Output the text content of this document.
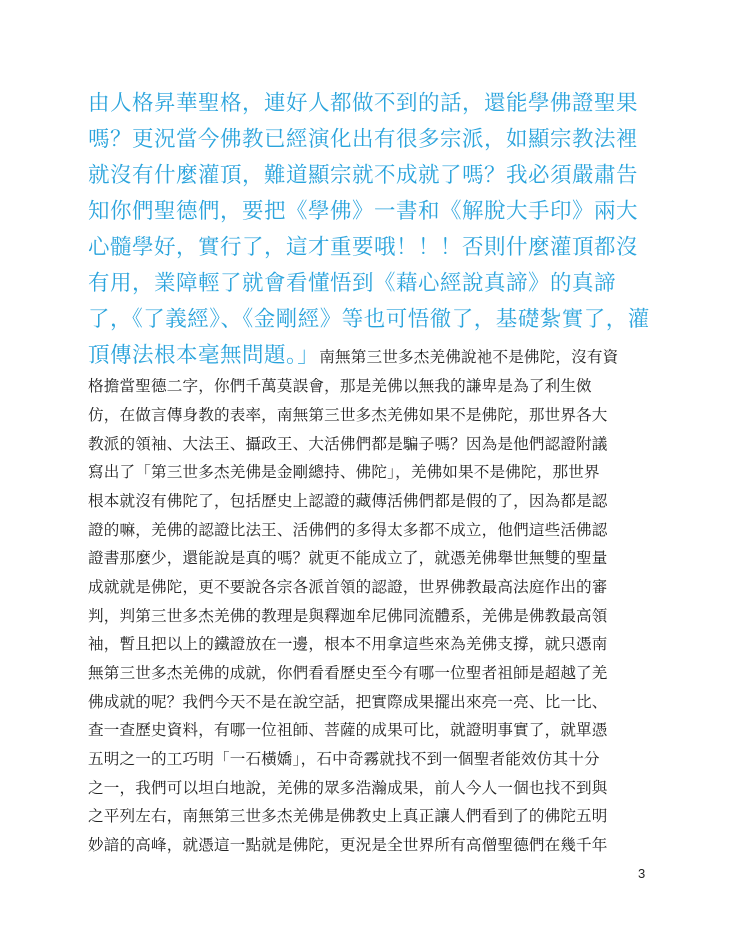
由人格昇華聖格，連好人都做不到的話，還能學佛證聖果
嗎？更況當今佛教已經演化出有很多宗派，如顯宗教法裡
就沒有什麼灌頂，難道顯宗就不成就了嗎？我必須嚴肅告
知你們聖德們，要把《學佛》一書和《解脫大手印》兩大
心髓學好，實行了，這才重要哦！！！否則什麼灌頂都沒
有用，業障輕了就會看懂悟到《藉心經說真諦》的真諦
了，《了義經》、《金剛經》等也可悟徹了，基礎紮實了，灌
頂傳法根本毫無問題。」南無第三世多杰羌佛說祂不是佛陀，沒有資
格擔當聖德二字，你們千萬莫誤會，那是羌佛以無我的謙卑是為了利生傚
仿，在做言傳身教的表率，南無第三世多杰羌佛如果不是佛陀，那世界各大
教派的領袖、大法王、攝政王、大活佛們都是騙子嗎？因為是他們認證附議
寫出了「第三世多杰羌佛是金剛總持、佛陀」，羌佛如果不是佛陀，那世界
根本就沒有佛陀了，包括歷史上認證的藏傳活佛們都是假的了，因為都是認
證的嘛，羌佛的認證比法王、活佛們的多得太多都不成立，他們這些活佛認
證書那麼少，還能說是真的嗎？就更不能成立了，就憑羌佛舉世無雙的聖量
成就就是佛陀，更不要說各宗各派首領的認證，世界佛教最高法庭作出的審
判，判第三世多杰羌佛的教理是與釋迦牟尼佛同流體系，羌佛是佛教最高領
袖，暫且把以上的鐵證放在一邊，根本不用拿這些來為羌佛支撐，就只憑南
無第三世多杰羌佛的成就，你們看看歷史至今有哪一位聖者祖師是超越了羌
佛成就的呢？我們今天不是在說空話，把實際成果擺出來亮一亮、比一比、
查一查歷史資料，有哪一位祖師、菩薩的成果可比，就證明事實了，就單憑
五明之一的工巧明「一石橫嬌」，石中奇霧就找不到一個聖者能效仿其十分
之一，我們可以坦白地說，羌佛的眾多浩瀚成果，前人今人一個也找不到與
之平列左右，南無第三世多杰羌佛是佛教史上真正讓人們看到了的佛陀五明
妙諳的高峰，就憑這一點就是佛陀，更況是全世界所有高僧聖德們在幾千年
3
